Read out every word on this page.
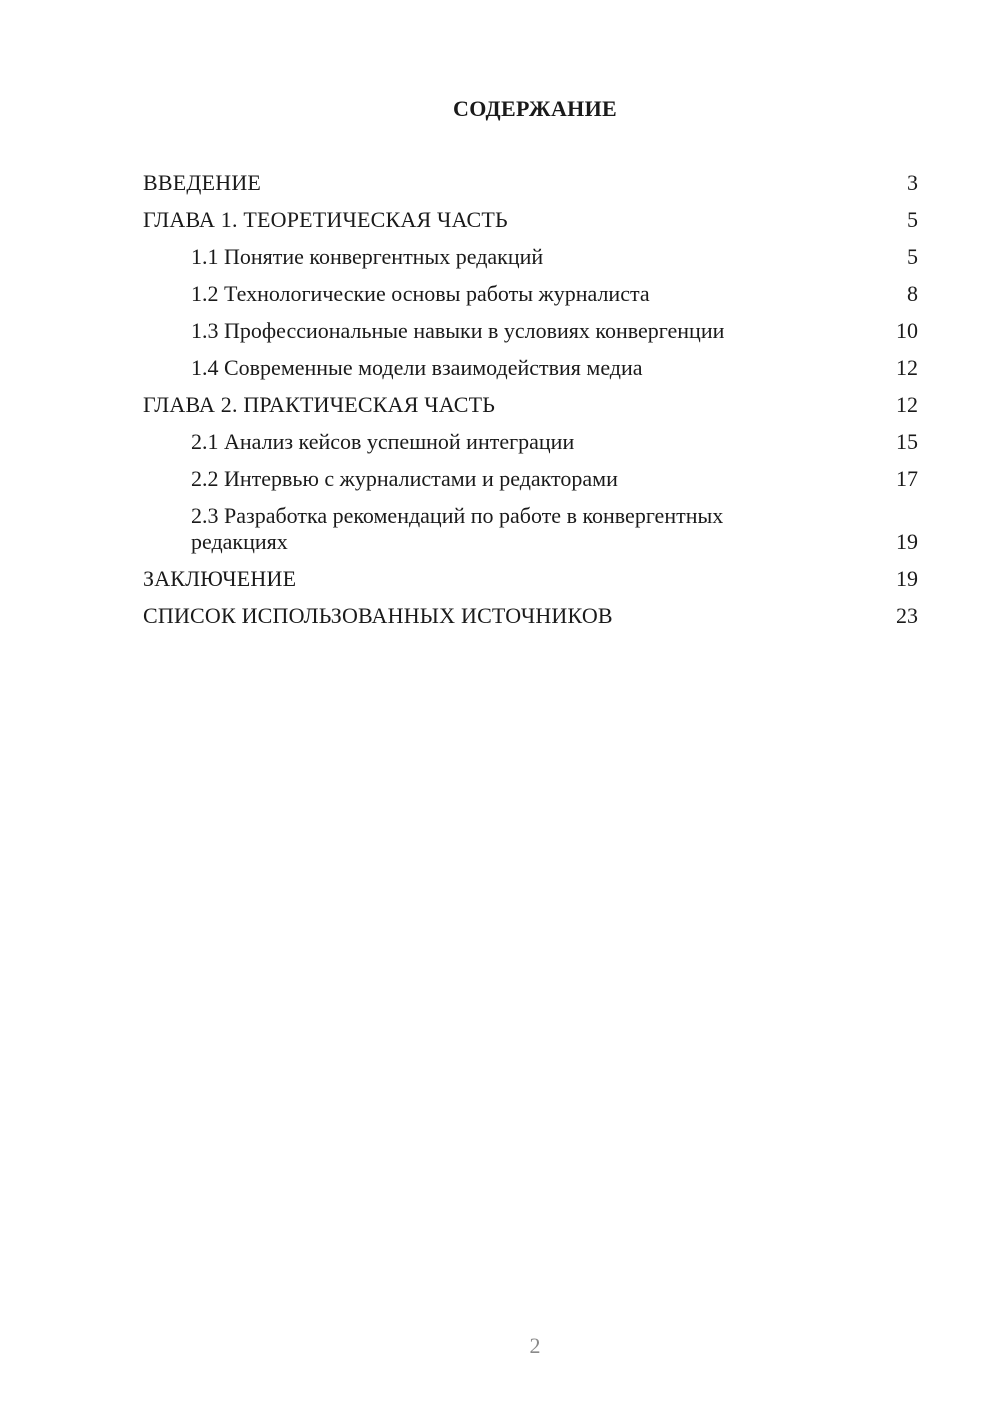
СОДЕРЖАНИЕ
ВВЕДЕНИЕ	3
ГЛАВА 1. ТЕОРЕТИЧЕСКАЯ ЧАСТЬ	5
1.1 Понятие конвергентных редакций	5
1.2 Технологические основы работы журналиста	8
1.3 Профессиональные навыки в условиях конвергенции	10
1.4 Современные модели взаимодействия медиа	12
ГЛАВА 2. ПРАКТИЧЕСКАЯ ЧАСТЬ	12
2.1 Анализ кейсов успешной интеграции	15
2.2 Интервью с журналистами и редакторами	17
2.3 Разработка рекомендаций по работе в конвергентных редакциях	19
ЗАКЛЮЧЕНИЕ	19
СПИСОК ИСПОЛЬЗОВАННЫХ ИСТОЧНИКОВ	23
2
